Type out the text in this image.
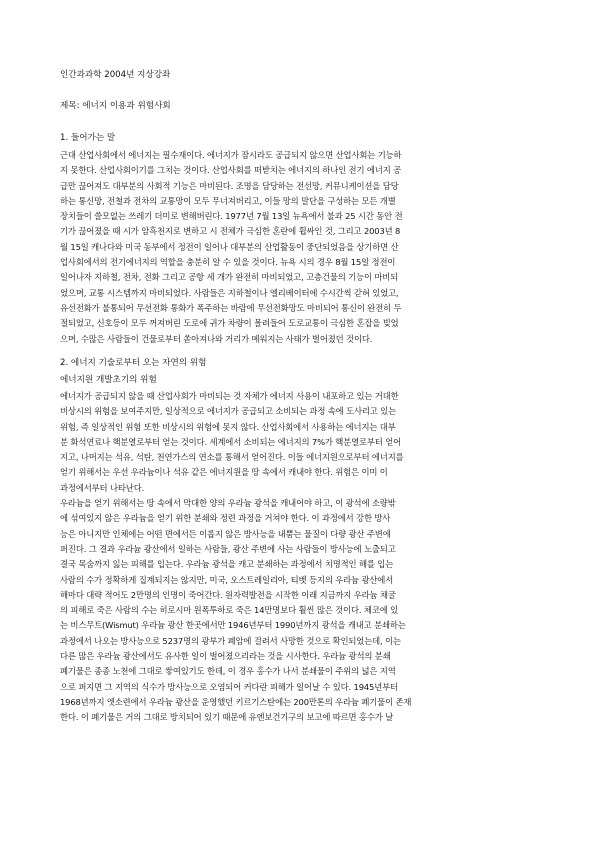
인간과과학 2004년 지상강좌
제목: 에너지 이용과 위험사회
1. 들어가는 말
근대 산업사회에서 에너지는 필수재이다. 에너지가 잠시라도 공급되지 않으면 산업사회는 기능하
지 못한다. 산업사회이기를 그치는 것이다. 산업사회를 떠받치는 에너지의 하나인 전기 에너지 공
급만 끊어져도 대부분의 사회적 기능은 마비된다. 조명을 담당하는 전선망, 커뮤니케이션을 담당
하는 통신망, 전철과 전차의 교통망이 모두 무너져버리고, 이들 망의 말단을 구성하는 모든 개별
장치들이 쓸모없는 쓰레기 더미로 변해버린다. 1977년 7월 13일 뉴욕에서 불과 25 시간 동안 전
기가 끊어졌을 때 시가 암흑천지로 변하고 시 전체가 극심한 혼란에 휩싸인 것, 그리고 2003년 8
월 15일 캐나다와 미국 동부에서 정전이 일어나 대부분의 산업활동이 중단되었음을 상기하면 산
업사회에서의 전기에너지의 역할을 충분히 알 수 있을 것이다. 뉴욕 시의 경우 8월 15일 정전이
일어나자 지하철, 전차, 전화 그리고 공항 세 개가 완전히 마비되었고, 고층건물의 기능이 마비되
었으며, 교통 시스템까지 마비되었다. 사람들은 지하철이나 엘리베이터에 수시간씩 갇혀 있었고,
유선전화가 불통되어 무선전화 통화가 폭주하는 바람에 무선전화망도 마비되어 통신이 완전히 두
절되었고, 신호등이 모두 꺼져버린 도로에 귀가 차량이 몰려들어 도로교통이 극심한 혼잡을 빚었
으며, 수많은 사람들이 건물로부터 쏟아져나와 거리가 메워지는 사태가 벌어졌던 것이다.
2. 에너지 기술로부터 오는 자연의 위험
에너지원 개발초기의 위험
에너지가 공급되지 않을 때 산업사회가 마비되는 것 자체가 에너지 사용이 내포하고 있는 거대한
비상시의 위험을 보여주지만, 일상적으로 에너지가 공급되고 소비되는 과정 속에 도사리고 있는
위험, 즉 일상적인 위험 또한 비상시의 위험에 못지 않다. 산업사회에서 사용하는 에너지는 대부
분 화석연료나 핵분열로부터 얻는 것이다. 세계에서 소비되는 에너지의 7%가 핵분열로부터 얻어
지고, 나머지는 석유, 석탄, 천연가스의 연소를 통해서 얻어진다. 이들 에너지원으로부터 에너지를
얻기 위해서는 우선 우라늄이나 석유 같은 에너지원을 땅 속에서 캐내야 한다. 위험은 이미 이
과정에서부터 나타난다.
우라늄을 얻기 위해서는 땅 속에서 막대한 양의 우라늄 광석을 캐내어야 하고, 이 광석에 소량밖
에 섞여있지 않은 우라늄을 얻기 위한 분쇄와 정련 과정을 거쳐야 한다. 이 과정에서 강한 방사
능은 아니지만 인체에는 어떤 면에서든 이롭지 않은 방사능을 내뿜는 물질이 다량 광산 주변에
퍼진다. 그 결과 우라늄 광산에서 일하는 사람들, 광산 주변에 사는 사람들이 방사능에 노출되고
결국 목숨까지 잃는 피해를 입는다. 우라늄 광석을 캐고 분쇄하는 과정에서 치명적인 해를 입는
사람의 수가 정확하게 집계되지는 않지만, 미국, 오스트레일리아, 티벳 등지의 우라늄 광산에서
해마다 대략 적어도 2만명의 인명이 죽어간다. 원자력발전을 시작한 이래 지금까지 우라늄 채굴
의 피해로 죽은 사람의 수는 히로시마 원폭투하로 죽은 14만명보다 훨씬 많은 것이다. 체코에 있
는 비스무트(Wismut) 우라늄 광산 한곳에서만 1946년부터 1990년까지 광석을 캐내고 분쇄하는
과정에서 나오는 방사능으로 5237명의 광부가 폐암에 걸려서 사망한 것으로 확인되었는데, 이는
다른 많은 우라늄 광산에서도 유사한 일이 벌어졌으리라는 것을 시사한다. 우라늄 광석의 분쇄
폐기물은 종종 노천에 그대로 쌓여있기도 한데, 이 경우 홍수가 나서 분쇄물이 주위의 넓은 지역
으로 퍼지면 그 지역의 식수가 방사능으로 오염되어 커다란 피해가 일어날 수 있다. 1945년부터
1968년까지 엣소련에서 우라늄 광산을 운영했던 키르기스탄에는 200만톤의 우라늄 폐기물이 존재
한다. 이 폐기물은 거의 그대로 방치되어 있기 때문에 유엔보건기구의 보고에 따르면 홍수가 날
